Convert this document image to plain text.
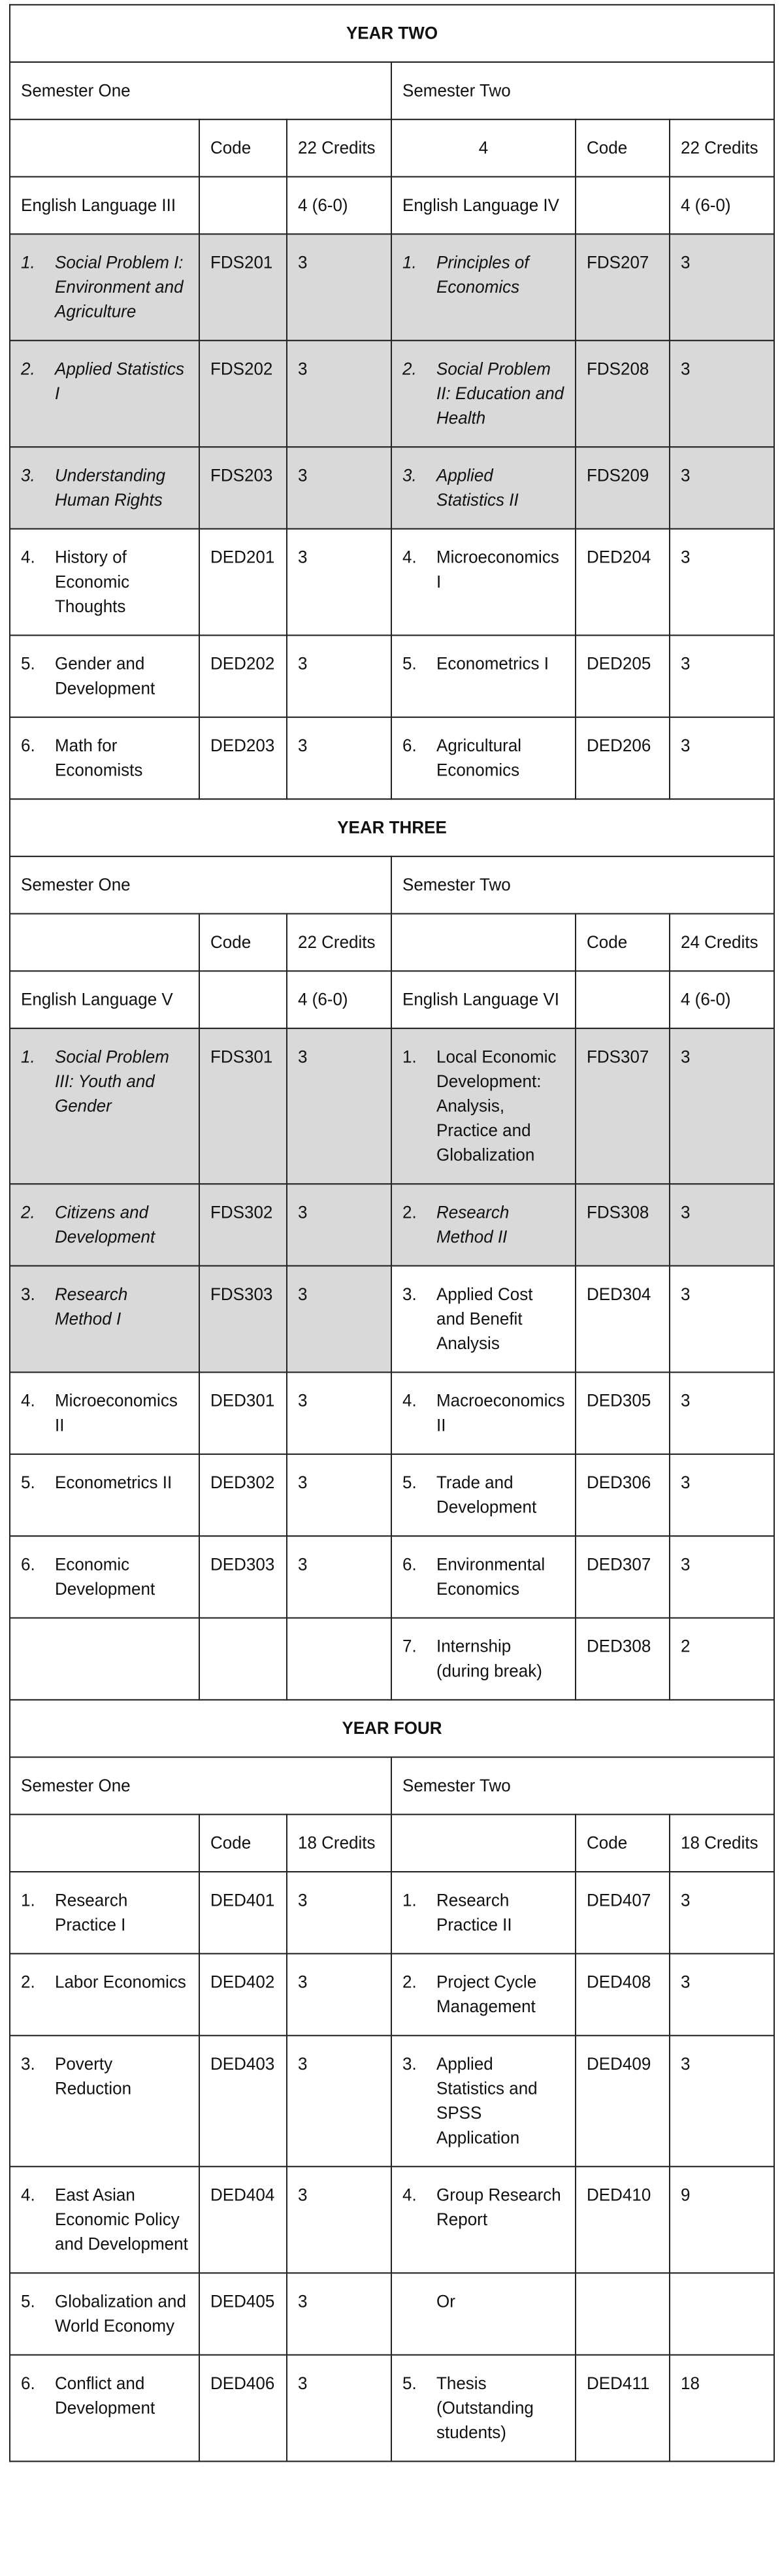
YEAR TWO					
Semester One			Semester Two		
	Code	22 Credits	4	Code	22 Credits
English Language III		4 (6-0)	English Language IV		4 (6-0)

1. Social Problem I: Environment and Agriculture	FDS201	3	1. Principles of Economics	FDS207	3

2. Applied Statistics I	FDS202	3	2. Social Problem II: Education and Health	FDS208	3

3. Understanding Human Rights	FDS203	3	3. Applied Statistics II	FDS209	3

4. History of Economic Thoughts	DED201	3	4. Microeconomics I	DED204	3

5. Gender and Development	DED202	3	5. Econometrics I	DED205	3

6. Math for Economists	DED203	3	6. Agricultural Economics	DED206	3
YEAR THREE					
Semester One			Semester Two		
	Code	22 Credits		Code	24 Credits
English Language V		4 (6-0)	English Language VI		4 (6-0)

1. Social Problem III: Youth and Gender	FDS301	3	1. Local Economic Development: Analysis, Practice and Globalization	FDS307	3

2. Citizens and Development	FDS302	3	2. Research Method II	FDS308	3

3. Research Method I	FDS303	3	3. Applied Cost and Benefit Analysis	DED304	3

4. Microeconomics II	DED301	3	4. Macroeconomics II	DED305	3

5. Econometrics II	DED302	3	5. Trade and Development	DED306	3

6. Economic Development	DED303	3	6. Environmental Economics	DED307	3

			7. Internship (during break)	DED308	2
YEAR FOUR					
Semester One			Semester Two		
	Code	18 Credits		Code	18 Credits

1. Research Practice I	DED401	3	1. Research Practice II	DED407	3

2. Labor Economics	DED402	3	2. Project Cycle Management	DED408	3

3. Poverty Reduction	DED403	3	3. Applied Statistics and SPSS Application	DED409	3

4. East Asian Economic Policy and Development	DED404	3	4. Group Research Report	DED410	9

5. Globalization and World Economy	DED405	3	Or		

6. Conflict and Development	DED406	3	5. Thesis (Outstanding students)	DED411	18
